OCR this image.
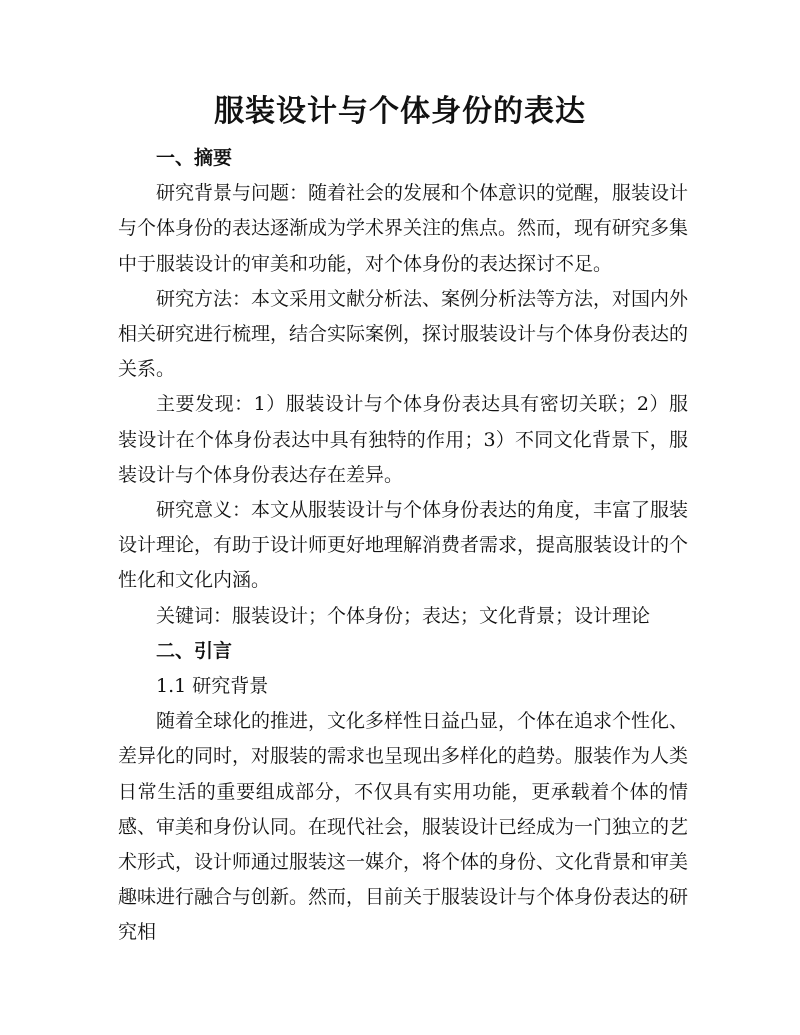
服装设计与个体身份的表达

一、摘要

研究背景与问题：随着社会的发展和个体意识的觉醒，服装设计与个体身份的表达逐渐成为学术界关注的焦点。然而，现有研究多集中于服装设计的审美和功能，对个体身份的表达探讨不足。

研究方法：本文采用文献分析法、案例分析法等方法，对国内外相关研究进行梳理，结合实际案例，探讨服装设计与个体身份表达的关系。

主要发现：1）服装设计与个体身份表达具有密切关联；2）服装设计在个体身份表达中具有独特的作用；3）不同文化背景下，服装设计与个体身份表达存在差异。

研究意义：本文从服装设计与个体身份表达的角度，丰富了服装设计理论，有助于设计师更好地理解消费者需求，提高服装设计的个性化和文化内涵。

关键词：服装设计；个体身份；表达；文化背景；设计理论

二、引言

1.1 研究背景

随着全球化的推进，文化多样性日益凸显，个体在追求个性化、差异化的同时，对服装的需求也呈现出多样化的趋势。服装作为人类日常生活的重要组成部分，不仅具有实用功能，更承载着个体的情感、审美和身份认同。在现代社会，服装设计已经成为一门独立的艺术形式，设计师通过服装这一媒介，将个体的身份、文化背景和审美趣味进行融合与创新。然而，目前关于服装设计与个体身份表达的研究相
